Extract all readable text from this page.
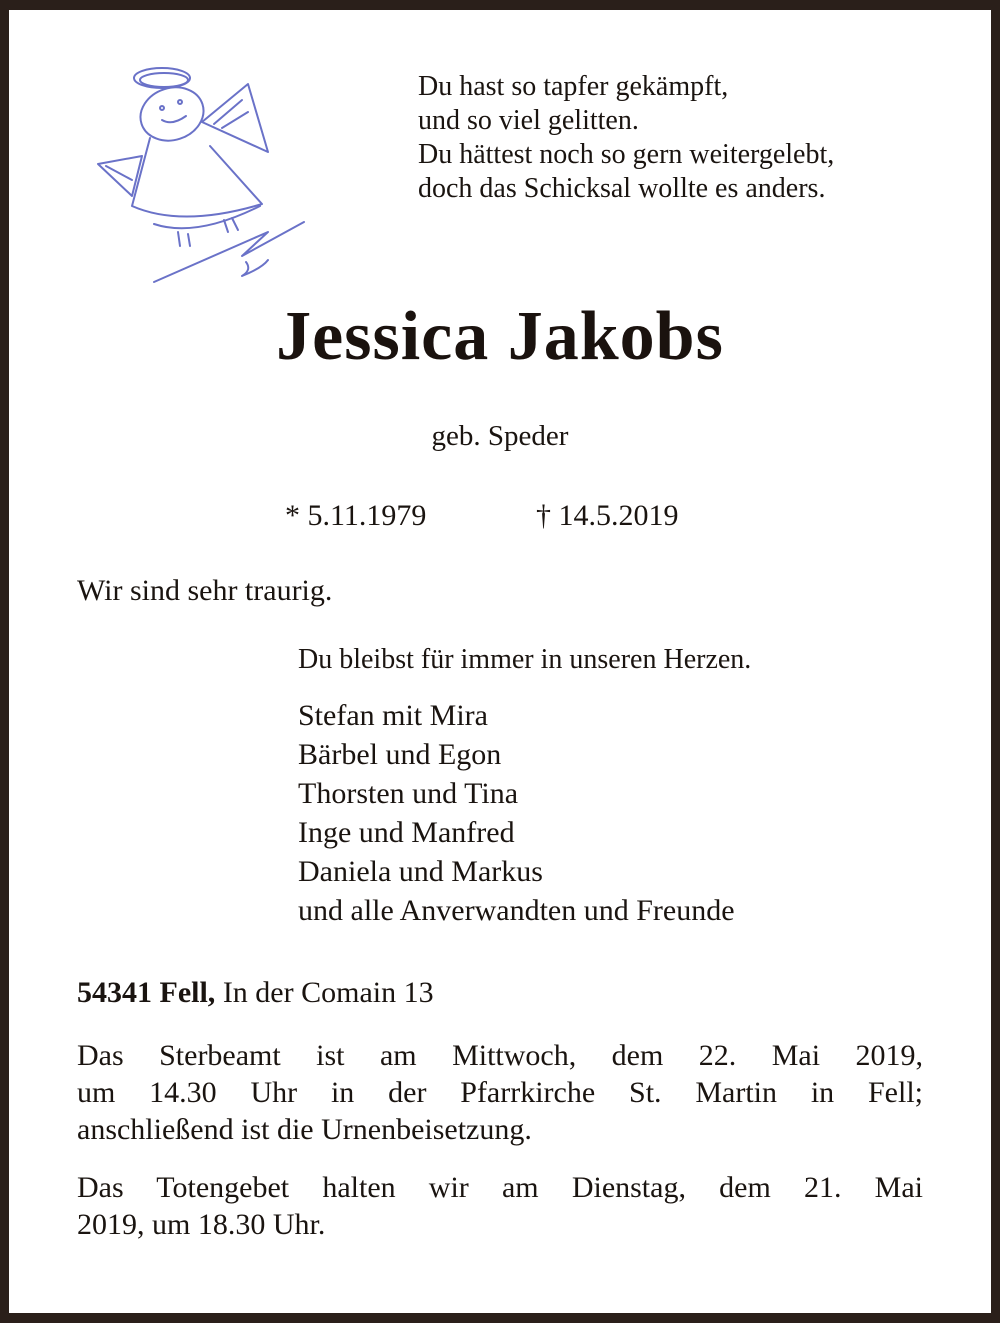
Du hast so tapfer gekämpft,
und so viel gelitten.
Du hättest noch so gern weitergelebt,
doch das Schicksal wollte es anders.
Jessica Jakobs
geb. Speder
* 5.11.1979	† 14.5.2019
Wir sind sehr traurig.
Du bleibst für immer in unseren Herzen.
Stefan mit Mira
Bärbel und Egon
Thorsten und Tina
Inge und Manfred
Daniela und Markus
und alle Anverwandten und Freunde
54341 Fell, In der Comain 13
Das Sterbeamt ist am Mittwoch, dem 22. Mai 2019,
um 14.30 Uhr in der Pfarrkirche St. Martin in Fell;
anschließend ist die Urnenbeisetzung.
Das Totengebet halten wir am Dienstag, dem 21. Mai
2019, um 18.30 Uhr.
